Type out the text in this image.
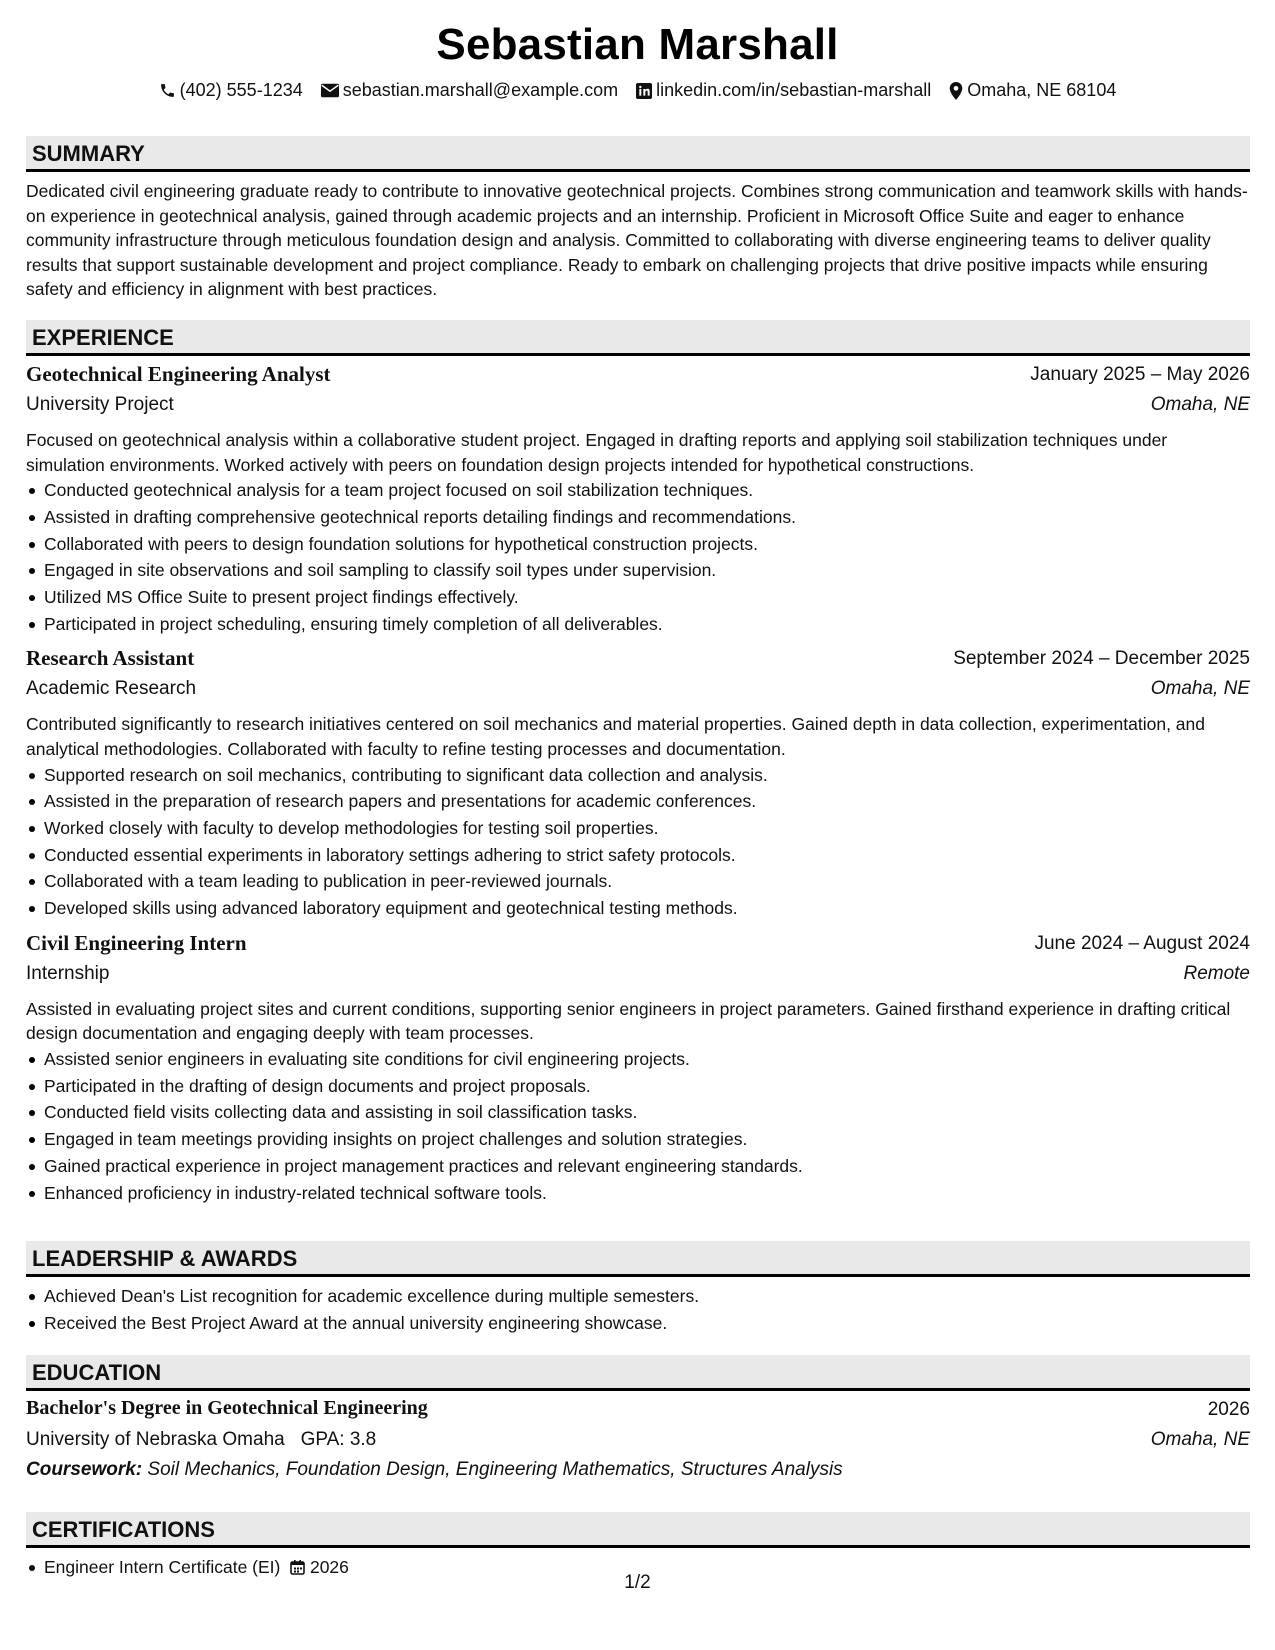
Sebastian Marshall
(402) 555-1234 sebastian.marshall@example.com linkedin.com/in/sebastian-marshall Omaha, NE 68104
SUMMARY
Dedicated civil engineering graduate ready to contribute to innovative geotechnical projects. Combines strong communication and teamwork skills with hands-on experience in geotechnical analysis, gained through academic projects and an internship. Proficient in Microsoft Office Suite and eager to enhance community infrastructure through meticulous foundation design and analysis. Committed to collaborating with diverse engineering teams to deliver quality results that support sustainable development and project compliance. Ready to embark on challenging projects that drive positive impacts while ensuring safety and efficiency in alignment with best practices.
EXPERIENCE
Geotechnical Engineering Analyst	January 2025 – May 2026
University Project	Omaha, NE
Focused on geotechnical analysis within a collaborative student project. Engaged in drafting reports and applying soil stabilization techniques under simulation environments. Worked actively with peers on foundation design projects intended for hypothetical constructions.
Conducted geotechnical analysis for a team project focused on soil stabilization techniques.
Assisted in drafting comprehensive geotechnical reports detailing findings and recommendations.
Collaborated with peers to design foundation solutions for hypothetical construction projects.
Engaged in site observations and soil sampling to classify soil types under supervision.
Utilized MS Office Suite to present project findings effectively.
Participated in project scheduling, ensuring timely completion of all deliverables.
Research Assistant	September 2024 – December 2025
Academic Research	Omaha, NE
Contributed significantly to research initiatives centered on soil mechanics and material properties. Gained depth in data collection, experimentation, and analytical methodologies. Collaborated with faculty to refine testing processes and documentation.
Supported research on soil mechanics, contributing to significant data collection and analysis.
Assisted in the preparation of research papers and presentations for academic conferences.
Worked closely with faculty to develop methodologies for testing soil properties.
Conducted essential experiments in laboratory settings adhering to strict safety protocols.
Collaborated with a team leading to publication in peer-reviewed journals.
Developed skills using advanced laboratory equipment and geotechnical testing methods.
Civil Engineering Intern	June 2024 – August 2024
Internship	Remote
Assisted in evaluating project sites and current conditions, supporting senior engineers in project parameters. Gained firsthand experience in drafting critical design documentation and engaging deeply with team processes.
Assisted senior engineers in evaluating site conditions for civil engineering projects.
Participated in the drafting of design documents and project proposals.
Conducted field visits collecting data and assisting in soil classification tasks.
Engaged in team meetings providing insights on project challenges and solution strategies.
Gained practical experience in project management practices and relevant engineering standards.
Enhanced proficiency in industry-related technical software tools.
LEADERSHIP & AWARDS
Achieved Dean's List recognition for academic excellence during multiple semesters.
Received the Best Project Award at the annual university engineering showcase.
EDUCATION
Bachelor's Degree in Geotechnical Engineering	2026
University of Nebraska Omaha GPA: 3.8	Omaha, NE
Coursework: Soil Mechanics, Foundation Design, Engineering Mathematics, Structures Analysis
CERTIFICATIONS
Engineer Intern Certificate (EI) 2026
1/2
